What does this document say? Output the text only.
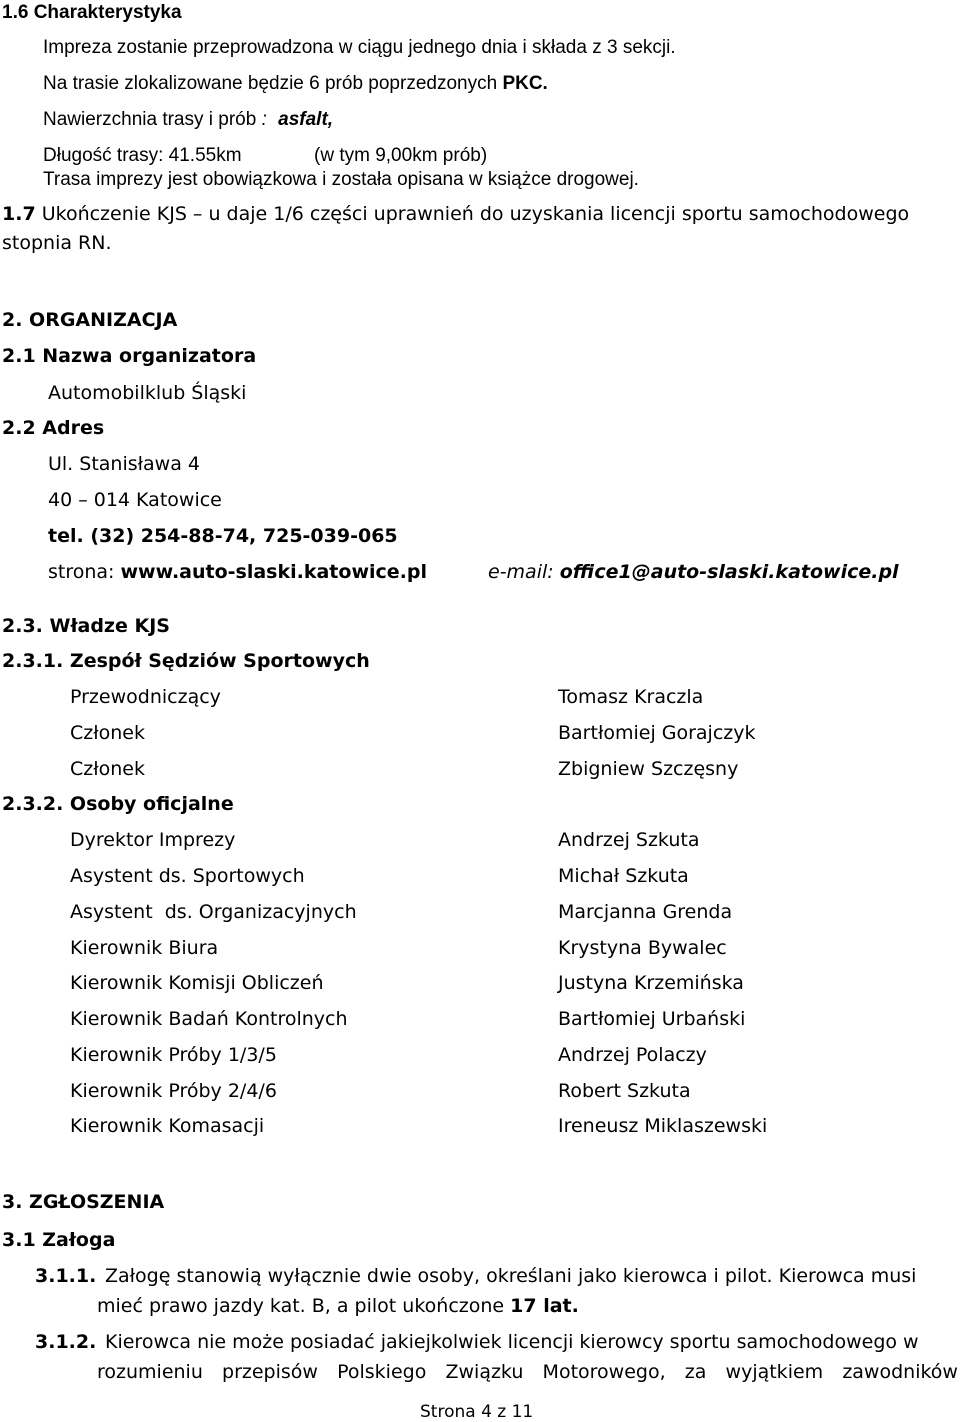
1.6 Charakterystyka
Impreza zostanie przeprowadzona w ciągu jednego dnia i składa z 3 sekcji.
Na trasie zlokalizowane będzie 6 prób poprzedzonych PKC.
Nawierzchnia trasy i prób : asfalt,
Długość trasy: 41.55km	(w tym 9,00km prób)
Trasa imprezy jest obowiązkowa i została opisana w książce drogowej.
1.7 Ukończenie KJS – u daje 1/6 części uprawnień do uzyskania licencji sportu samochodowego
stopnia RN.
2. ORGANIZACJA
2.1 Nazwa organizatora
Automobilklub Śląski
2.2 Adres
Ul. Stanisława 4
40 – 014 Katowice
tel. (32) 254-88-74, 725-039-065
strona: www.auto-slaski.katowice.pl	e-mail: office1@auto-slaski.katowice.pl
2.3. Władze KJS
2.3.1. Zespół Sędziów Sportowych
Przewodniczący	Tomasz Kraczla
Członek	Bartłomiej Gorajczyk
Członek	Zbigniew Szczęsny
2.3.2. Osoby oficjalne
Dyrektor Imprezy	Andrzej Szkuta
Asystent ds. Sportowych	Michał Szkuta
Asystent  ds. Organizacyjnych	Marcjanna Grenda
Kierownik Biura	Krystyna Bywalec
Kierownik Komisji Obliczeń	Justyna Krzemińska
Kierownik Badań Kontrolnych	Bartłomiej Urbański
Kierownik Próby 1/3/5	Andrzej Polaczy
Kierownik Próby 2/4/6	Robert Szkuta
Kierownik Komasacji	Ireneusz Miklaszewski
3. ZGŁOSZENIA
3.1 Załoga
3.1.1. Załogę stanowią wyłącznie dwie osoby, określani jako kierowca i pilot. Kierowca musi
mieć prawo jazdy kat. B, a pilot ukończone 17 lat.
3.1.2. Kierowca nie może posiadać jakiejkolwiek licencji kierowcy sportu samochodowego w
rozumieniu przepisów Polskiego Związku Motorowego, za wyjątkiem zawodników
Strona 4 z 11
